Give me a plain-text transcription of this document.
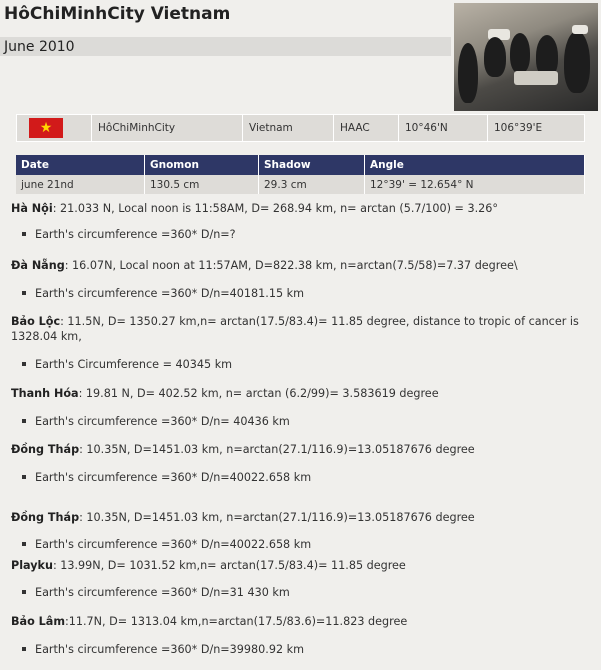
HôChiMinhCity Vietnam
June 2010
★	HôChiMinhCity	Vietnam	HAAC	10°46'N	106°39'E
Date	Gnomon	Shadow	Angle
june 21nd	130.5 cm	29.3 cm	12°39' = 12.654° N
Hà Nội: 21.033 N, Local noon is 11:58AM, D= 268.94 km, n= arctan (5.7/100) = 3.26°
Earth's circumference =360* D/n=?
Đà Nẵng: 16.07N, Local noon at 11:57AM, D=822.38 km, n=arctan(7.5/58)=7.37 degree\
Earth's circumference =360* D/n=40181.15 km
Bảo Lộc: 11.5N, D= 1350.27 km,n= arctan(17.5/83.4)= 11.85 degree, distance to tropic of cancer is
1328.04 km,
Earth's Circumference = 40345 km
Thanh Hóa: 19.81 N, D= 402.52 km, n= arctan (6.2/99)= 3.583619 degree
Earth's circumference =360* D/n= 40436 km
Đồng Tháp: 10.35N, D=1451.03 km, n=arctan(27.1/116.9)=13.05187676 degree
Earth's circumference =360* D/n=40022.658 km
Đồng Tháp: 10.35N, D=1451.03 km, n=arctan(27.1/116.9)=13.05187676 degree
Earth's circumference =360* D/n=40022.658 km
Playku: 13.99N, D= 1031.52 km,n= arctan(17.5/83.4)= 11.85 degree
Earth's circumference =360* D/n=31 430 km
Bảo Lâm:11.7N, D= 1313.04 km,n=arctan(17.5/83.6)=11.823 degree
Earth's circumference =360* D/n=39980.92 km
